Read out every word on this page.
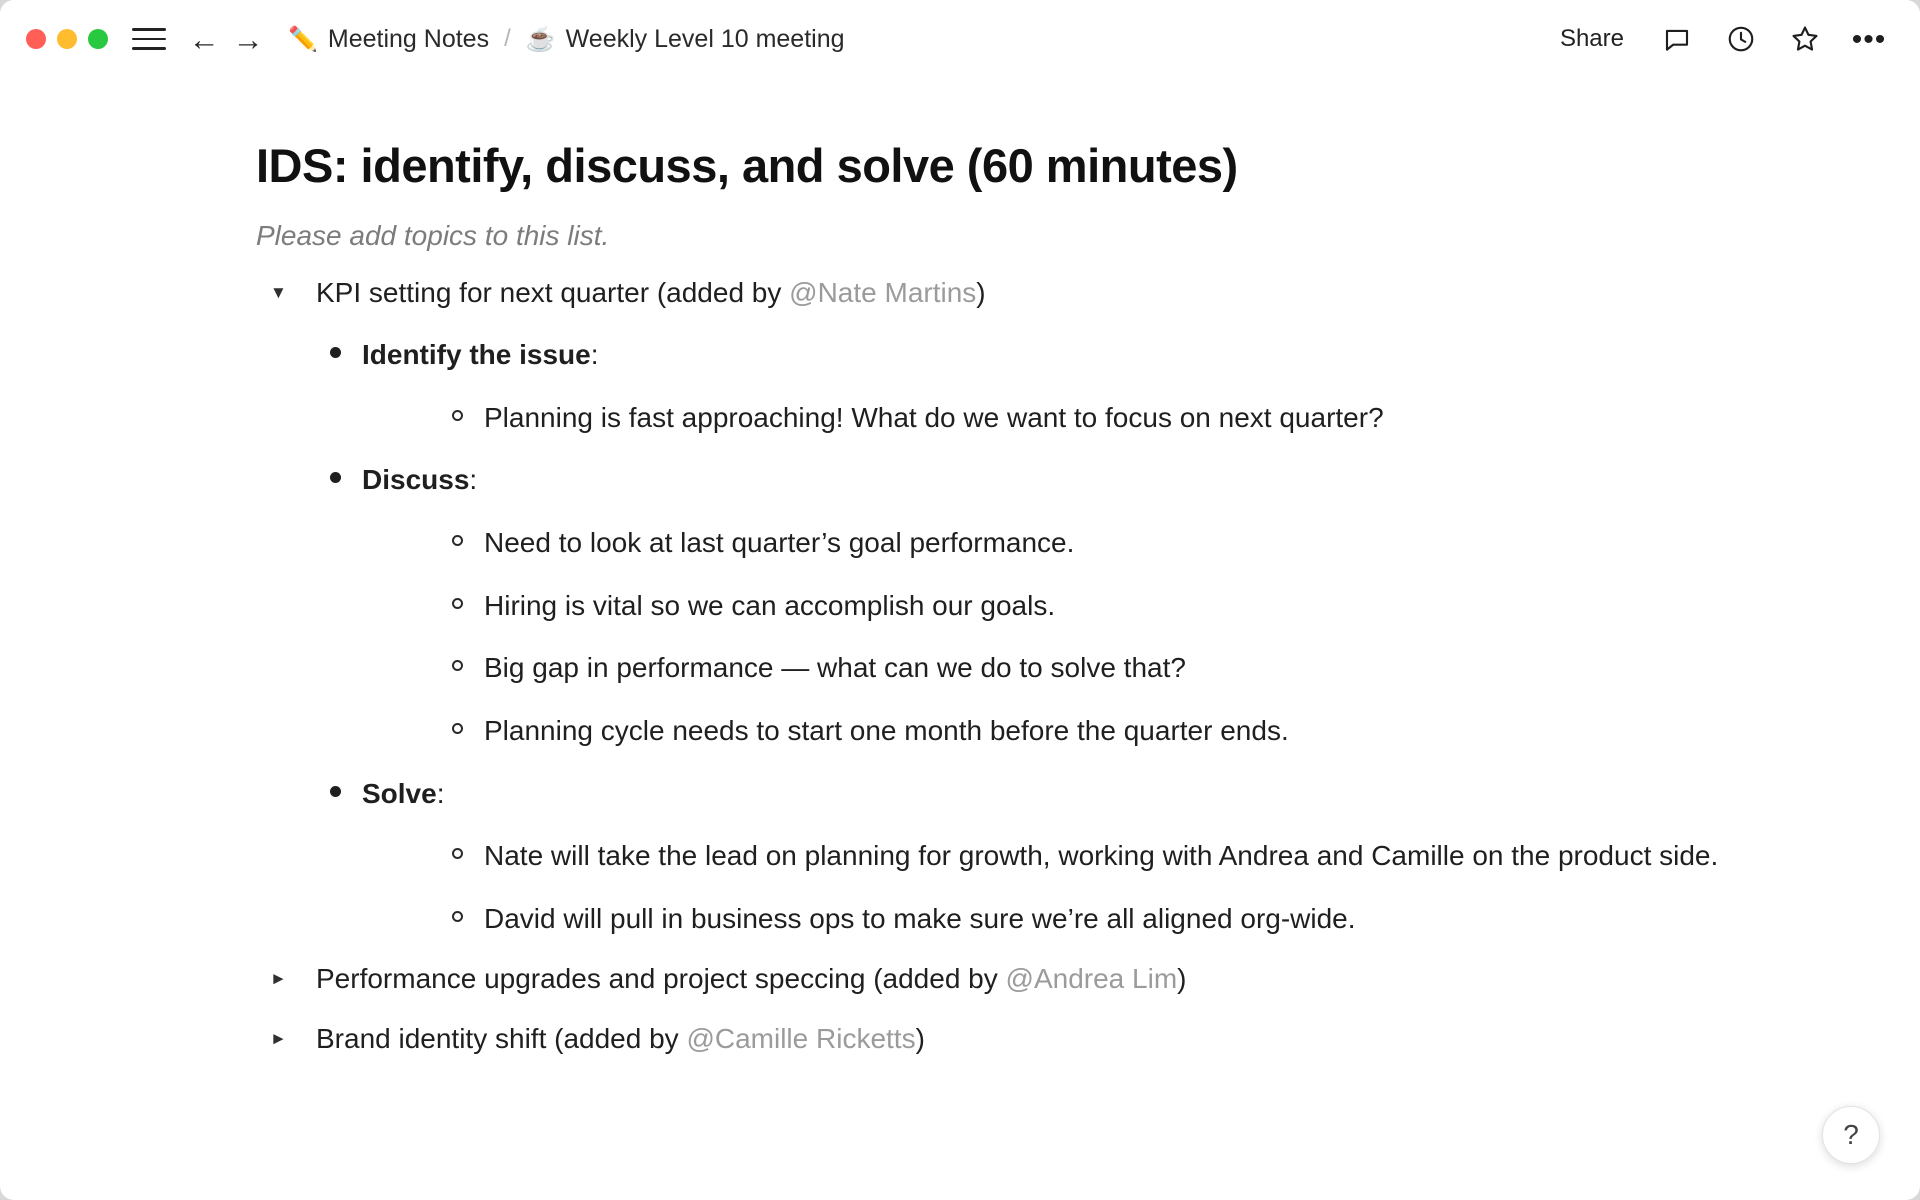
← → ✏️ Meeting Notes / ☕ Weekly Level 10 meeting	Share	•••
IDS: identify, discuss, and solve (60 minutes)

Please add topics to this list.

▼	KPI setting for next quarter (added by @Nate Martins)
Identify the issue:
Planning is fast approaching! What do we want to focus on next quarter?
Discuss:
Need to look at last quarter’s goal performance.
Hiring is vital so we can accomplish our goals.
Big gap in performance — what can we do to solve that?
Planning cycle needs to start one month before the quarter ends.
Solve:
Nate will take the lead on planning for growth, working with Andrea and Camille on the product side.
David will pull in business ops to make sure we’re all aligned org-wide.
►	Performance upgrades and project speccing (added by @Andrea Lim)
►	Brand identity shift (added by @Camille Ricketts)
?
